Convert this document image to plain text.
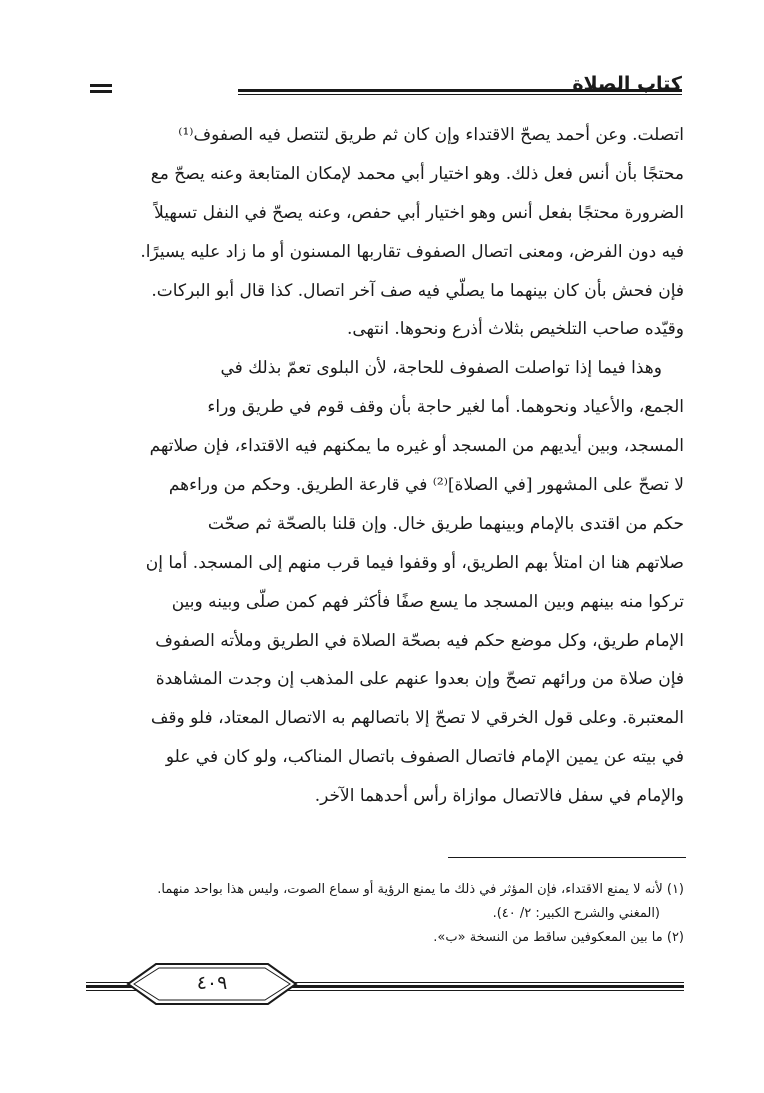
كتاب الصلاة
اتصلت. وعن أحمد يصحّ الاقتداء وإن كان ثم طريق لتتصل فيه الصفوف⁽¹⁾
محتجًا بأن أنس فعل ذلك. وهو اختيار أبي محمد لإمكان المتابعة وعنه يصحّ مع
الضرورة محتجًا بفعل أنس وهو اختيار أبي حفص، وعنه يصحّ في النفل تسهيلاً
فيه دون الفرض، ومعنى اتصال الصفوف تقاربها المسنون أو ما زاد عليه يسيرًا.
فإن فحش بأن كان بينهما ما يصلّي فيه صف آخر اتصال. كذا قال أبو البركات.
وقيّده صاحب التلخيص بثلاث أذرع ونحوها. انتهى.
وهذا فيما إذا تواصلت الصفوف للحاجة، لأن البلوى تعمّ بذلك في
الجمع، والأعياد ونحوهما. أما لغير حاجة بأن وقف قوم في طريق وراء
المسجد، وبين أيديهم من المسجد أو غيره ما يمكنهم فيه الاقتداء، فإن صلاتهم
لا تصحّ على المشهور [في الصلاة]⁽²⁾ في قارعة الطريق. وحكم من وراءهم
حكم من اقتدى بالإمام وبينهما طريق خال. وإن قلنا بالصحّة ثم صحّت
صلاتهم هنا ان امتلأ بهم الطريق، أو وقفوا فيما قرب منهم إلى المسجد. أما إن
تركوا منه بينهم وبين المسجد ما يسع صفًا فأكثر فهم كمن صلّى وبينه وبين
الإمام طريق، وكل موضع حكم فيه بصحّة الصلاة في الطريق وملأته الصفوف
فإن صلاة من ورائهم تصحّ وإن بعدوا عنهم على المذهب إن وجدت المشاهدة
المعتبرة. وعلى قول الخرقي لا تصحّ إلا باتصالهم به الاتصال المعتاد، فلو وقف
في بيته عن يمين الإمام فاتصال الصفوف باتصال المناكب، ولو كان في علو
والإمام في سفل فالاتصال موازاة رأس أحدهما الآخر.
(١) لأنه لا يمنع الاقتداء، فإن المؤثر في ذلك ما يمنع الرؤية أو سماع الصوت، وليس هذا بواحد منهما.
(المغني والشرح الكبير: ٢/ ٤٠).
(٢) ما بين المعكوفين ساقط من النسخة «ب».
٤٠٩
